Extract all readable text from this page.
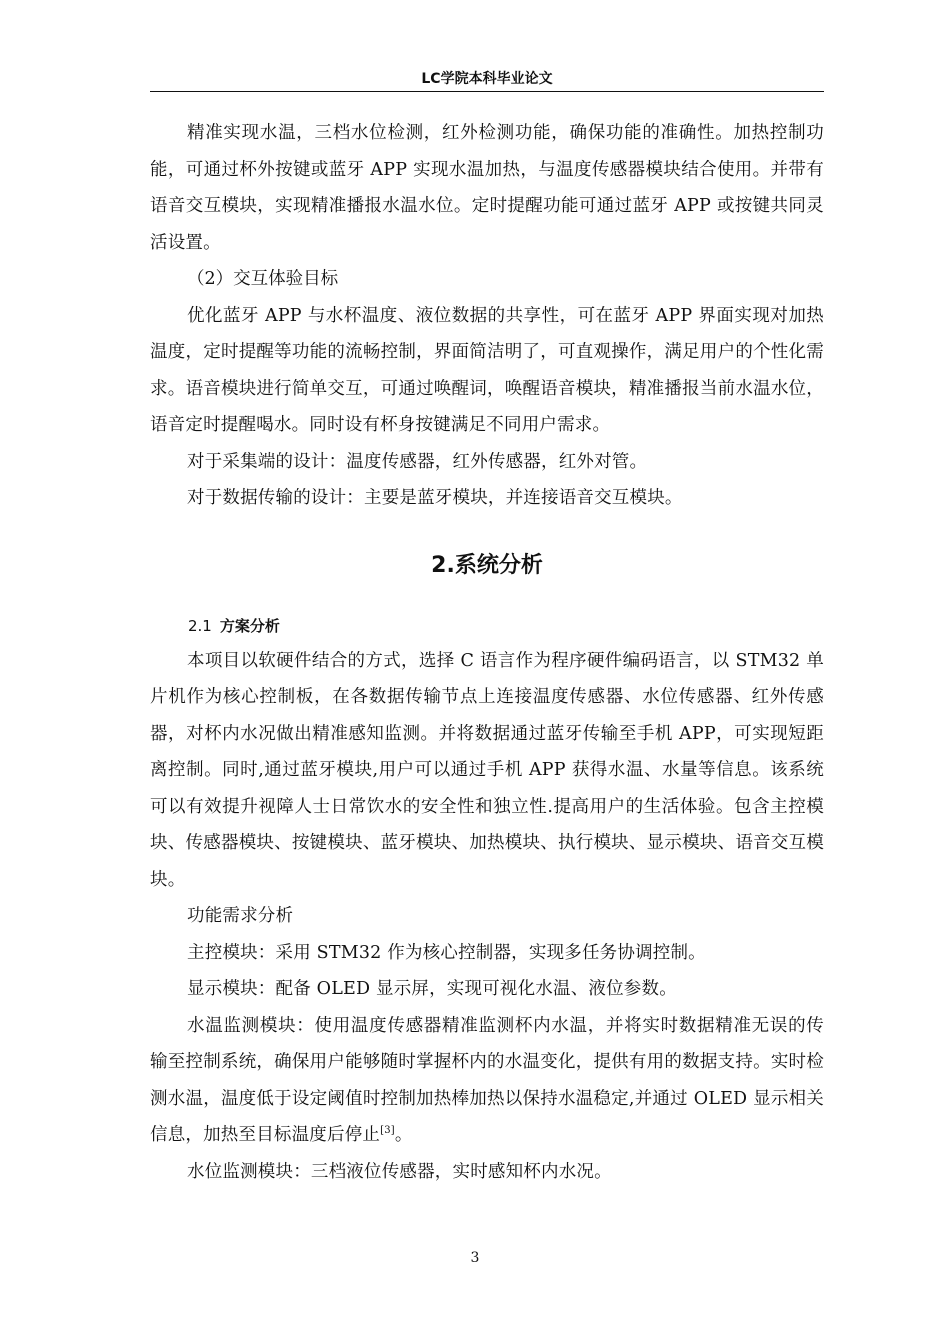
LC学院本科毕业论文

精准实现水温，三档水位检测，红外检测功能，确保功能的准确性。加热控制功能，可通过杯外按键或蓝牙 APP 实现水温加热，与温度传感器模块结合使用。并带有语音交互模块，实现精准播报水温水位。定时提醒功能可通过蓝牙 APP 或按键共同灵活设置。

（2）交互体验目标

优化蓝牙 APP 与水杯温度、液位数据的共享性，可在蓝牙 APP 界面实现对加热温度，定时提醒等功能的流畅控制，界面简洁明了，可直观操作，满足用户的个性化需求。语音模块进行简单交互，可通过唤醒词，唤醒语音模块，精准播报当前水温水位，语音定时提醒喝水。同时设有杯身按键满足不同用户需求。

对于采集端的设计：温度传感器，红外传感器，红外对管。

对于数据传输的设计：主要是蓝牙模块，并连接语音交互模块。

2.系统分析
2.1 方案分析

本项目以软硬件结合的方式，选择 C 语言作为程序硬件编码语言，以 STM32 单片机作为核心控制板，在各数据传输节点上连接温度传感器、水位传感器、红外传感器，对杯内水况做出精准感知监测。并将数据通过蓝牙传输至手机 APP，可实现短距离控制。同时,通过蓝牙模块,用户可以通过手机 APP 获得水温、水量等信息。该系统可以有效提升视障人士日常饮水的安全性和独立性.提高用户的生活体验。包含主控模块、传感器模块、按键模块、蓝牙模块、加热模块、执行模块、显示模块、语音交互模块。

功能需求分析

主控模块：采用 STM32 作为核心控制器，实现多任务协调控制。

显示模块：配备 OLED 显示屏，实现可视化水温、液位参数。

水温监测模块：使用温度传感器精准监测杯内水温，并将实时数据精准无误的传输至控制系统，确保用户能够随时掌握杯内的水温变化，提供有用的数据支持。实时检测水温，温度低于设定阈值时控制加热棒加热以保持水温稳定,并通过 OLED 显示相关信息，加热至目标温度后停止[3]。

水位监测模块：三档液位传感器，实时感知杯内水况。

3
